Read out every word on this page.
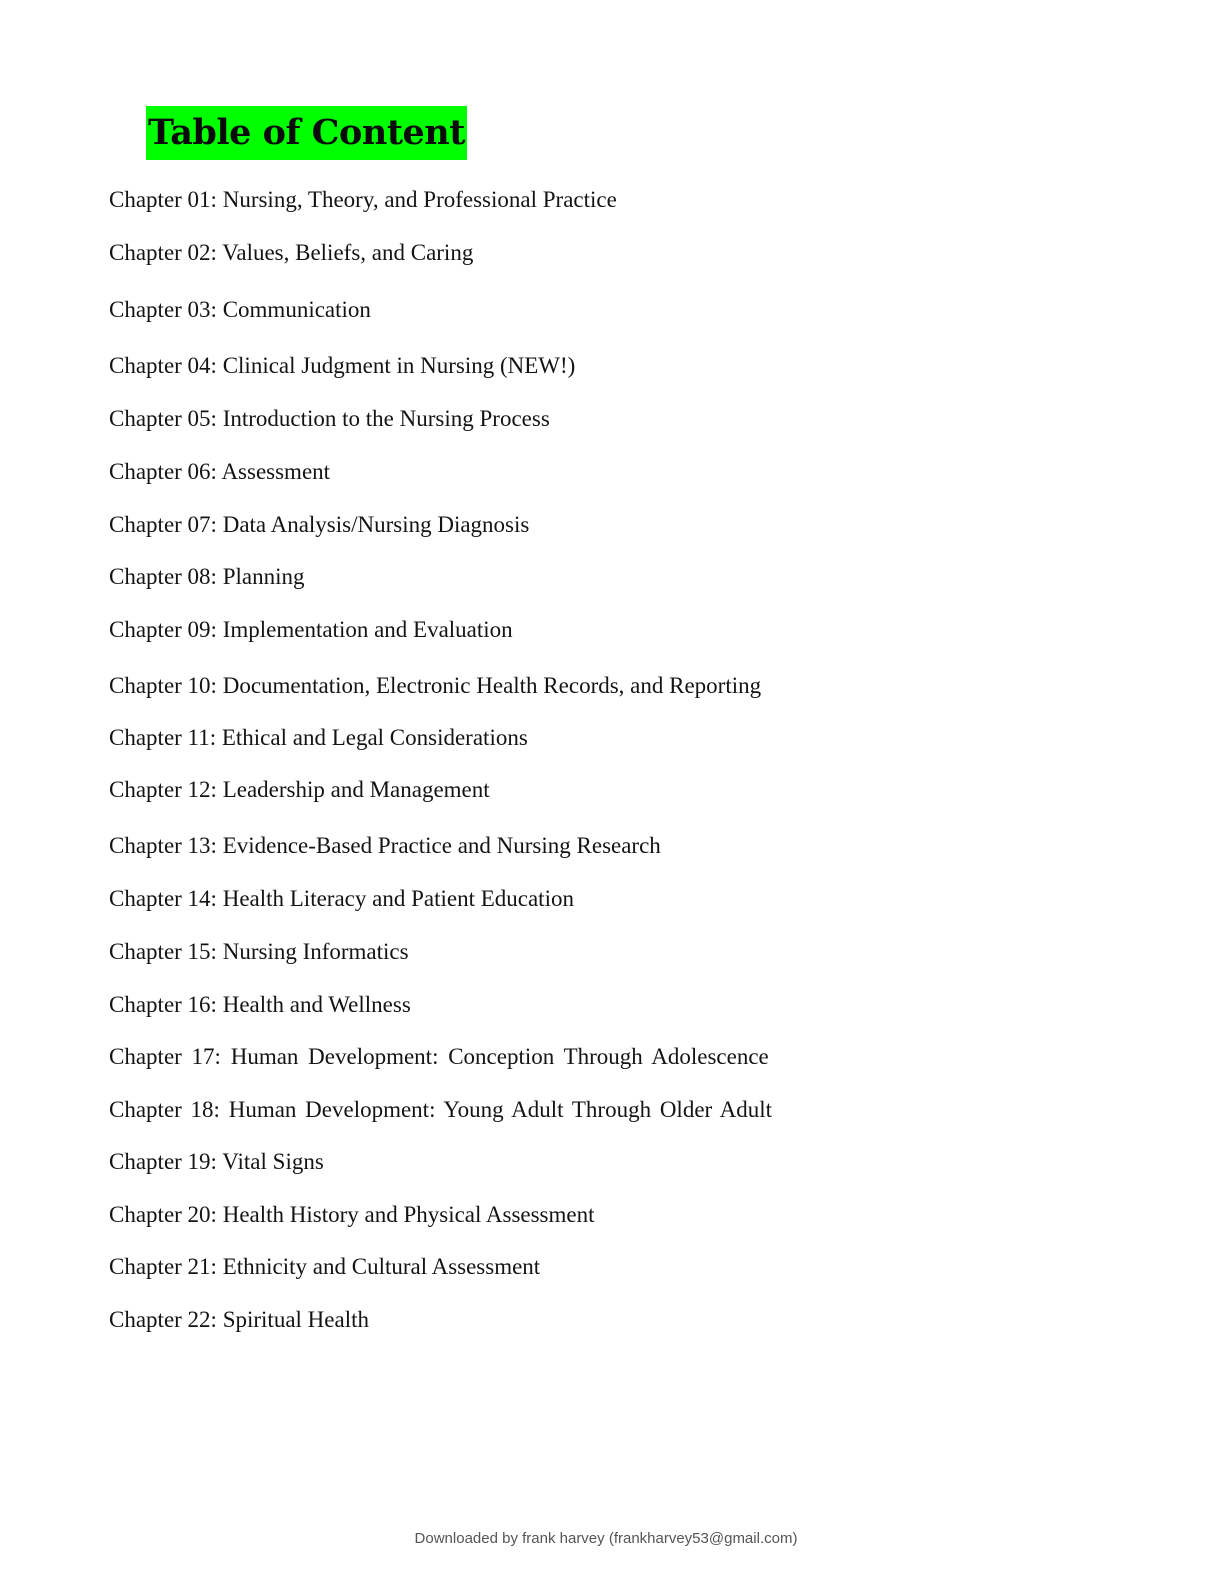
Table of Content
Chapter 01: Nursing, Theory, and Professional Practice
Chapter 02: Values, Beliefs, and Caring
Chapter 03: Communication
Chapter 04: Clinical Judgment in Nursing (NEW!)
Chapter 05: Introduction to the Nursing Process
Chapter 06: Assessment
Chapter 07: Data Analysis/Nursing Diagnosis
Chapter 08: Planning
Chapter 09: Implementation and Evaluation
Chapter 10: Documentation, Electronic Health Records, and Reporting
Chapter 11: Ethical and Legal Considerations
Chapter 12: Leadership and Management
Chapter 13: Evidence-Based Practice and Nursing Research
Chapter 14: Health Literacy and Patient Education
Chapter 15: Nursing Informatics
Chapter 16: Health and Wellness
Chapter 17: Human Development: Conception Through Adolescence
Chapter 18: Human Development: Young Adult Through Older Adult
Chapter 19: Vital Signs
Chapter 20: Health History and Physical Assessment
Chapter 21: Ethnicity and Cultural Assessment
Chapter 22: Spiritual Health
Downloaded by frank harvey (frankharvey53@gmail.com)
